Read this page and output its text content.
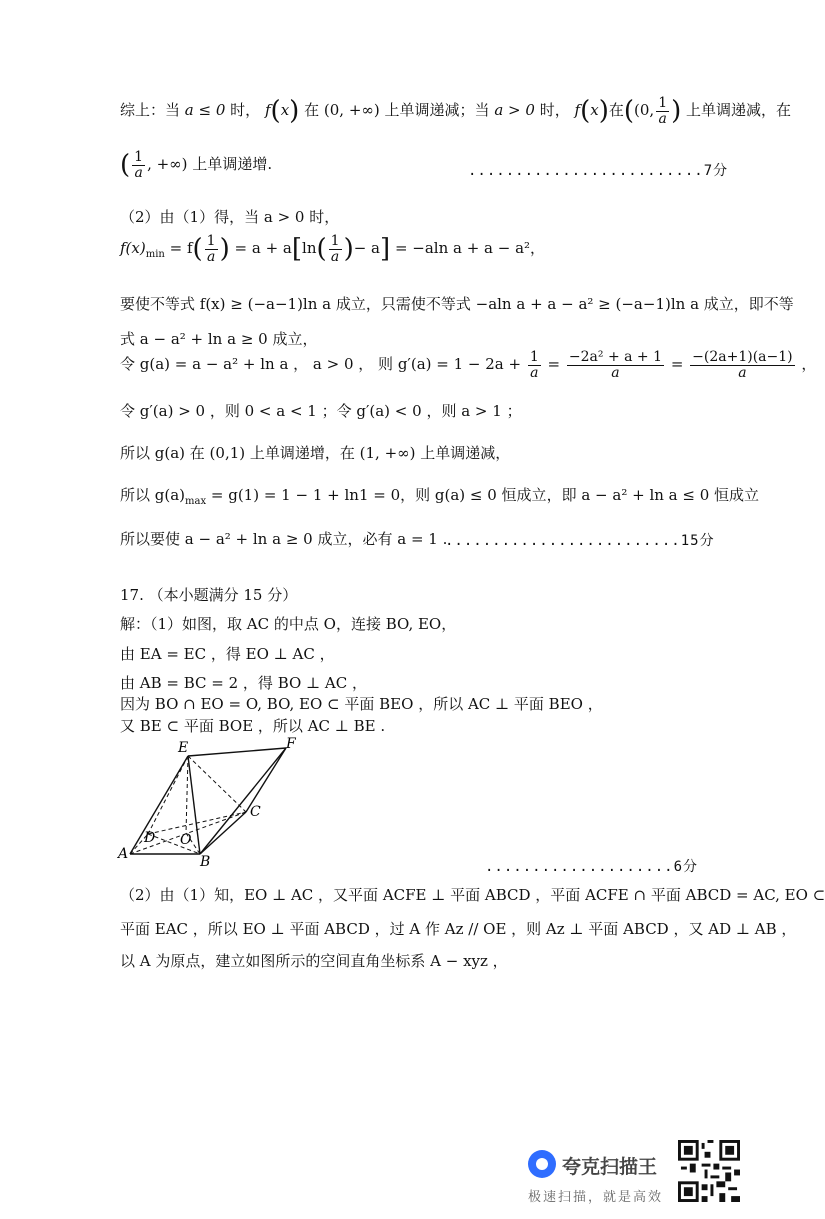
综上：当 a ≤ 0 时， f(x) 在 (0, +∞) 上单调递减；当 a > 0 时， f(x)在((0, $\frac{1}{a}$ ) 上单调递减，在
( $\frac{1}{a}$ , +∞) 上单调递增.	.........................7分
（2）由（1）得，当 a > 0 时，
$f(x)_{min} = f( \frac{1}{a}$ ) = $a + a[\ln( \frac{1}{a}$ )− a] = −aln a + a − a²，
要使不等式 f(x) ≥ (−a−1)ln a 成立，只需使不等式 −aln a + a − a² ≥ (−a−1)ln a 成立，即不等
式 a − a² + ln a ≥ 0 成立，
令 g(a) = a − a² + ln a ， a > 0 ， 则 $g'(a) = 1 - 2a + \frac{1}{a} = \frac{\text{−2a² + a + 1}}{a} = \frac{-(2a+1)(a-1)}{a}$ ，
令 g′(a) > 0 ，则 0 < a < 1 ；令 g′(a) < 0 ，则 a > 1 ；
所以 g(a) 在 (0,1) 上单调递增，在 (1, +∞) 上单调递减，
所以 $g(a)_{max} = g(1) = 1 - 1 + \ln 1 = 0$，则 g(a) ≤ 0 恒成立，即 a − a² + ln a ≤ 0 恒成立
所以要使 a − a² + ln a ≥ 0 成立，必有 a = 1 .
.........................15分
17. （本小题满分 15 分）
解：（1）如图，取 AC 的中点 O，连接 BO, EO，
由 EA = EC ，得 EO ⊥ AC ，
由 AB = BC = 2 ，得 BO ⊥ AC ，
因为 BO ∩ EO = O, BO, EO ⊂ 平面 BEO ，所以 AC ⊥ 平面 BEO ，
又 BE ⊂ 平面 BOE ，所以 AC ⊥ BE .
E	F
C
A	B
D O
....................6分
（2）由（1）知，EO ⊥ AC ，又平面 ACFE ⊥ 平面 ABCD ，平面 ACFE ∩ 平面 ABCD = AC, EO ⊂
平面 EAC ，所以 EO ⊥ 平面 ABCD ，过 A 作 Az // OE ，则 Az ⊥ 平面 ABCD ，又 AD ⊥ AB ，
以 A 为原点，建立如图所示的空间直角坐标系 A − xyz ，
夸克扫描王
极速扫描，就是高效
